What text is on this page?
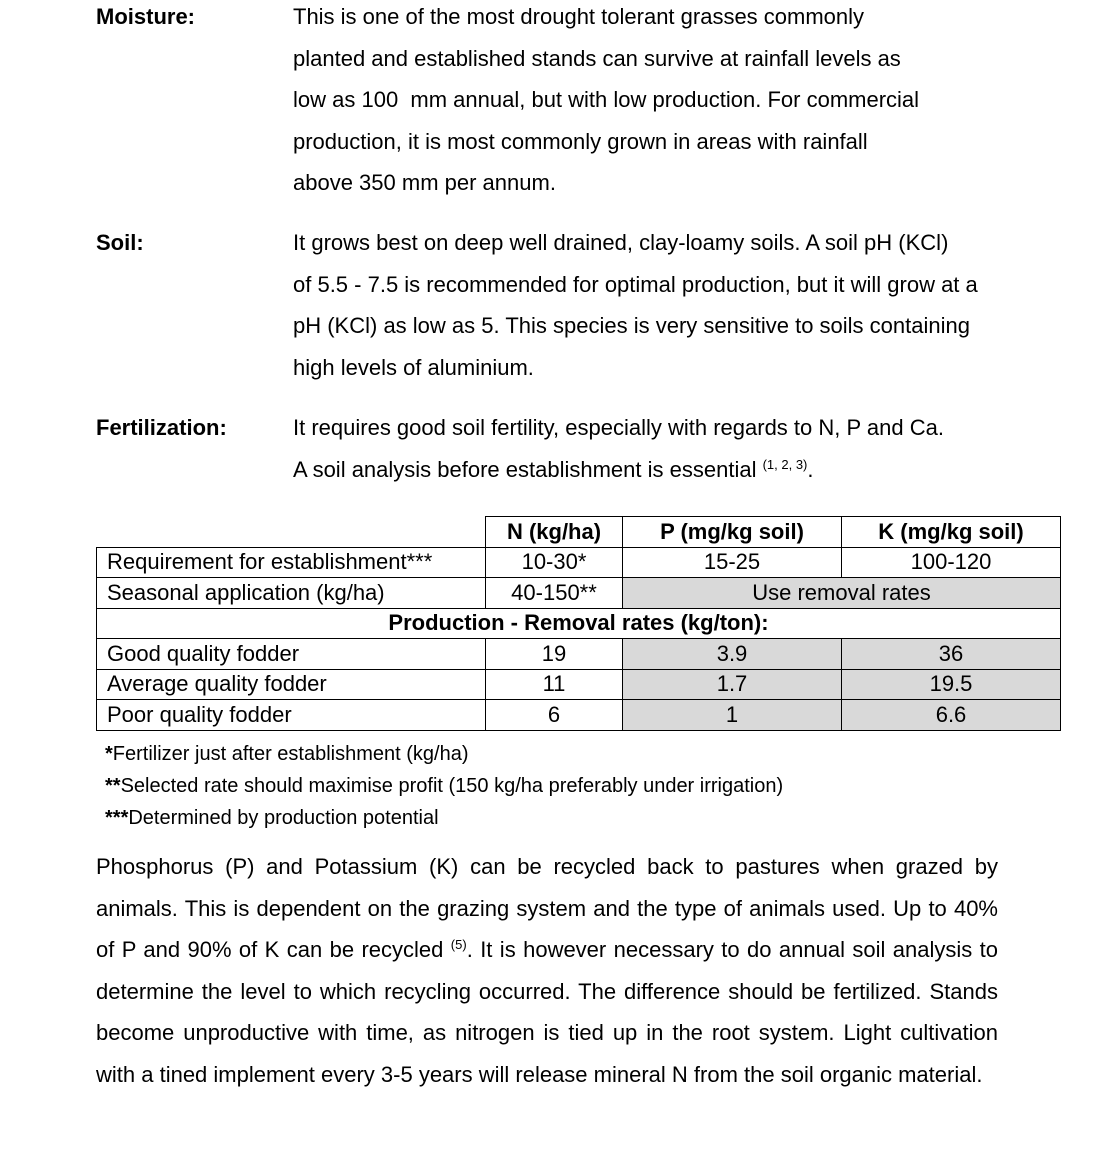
Moisture:	This is one of the most drought tolerant grasses commonly
planted and established stands can survive at rainfall levels as
low as 100  mm annual, but with low production. For commercial
production, it is most commonly grown in areas with rainfall
above 350 mm per annum.
Soil:	It grows best on deep well drained, clay-loamy soils. A soil pH (KCl)
of 5.5 - 7.5 is recommended for optimal production, but it will grow at a
pH (KCl) as low as 5. This species is very sensitive to soils containing
high levels of aluminium.
Fertilization:	It requires good soil fertility, especially with regards to N, P and Ca.
A soil analysis before establishment is essential $^{(1, 2, 3)}$.
	N (kg/ha)	P (mg/kg soil)	K (mg/kg soil)
Requirement for establishment***	10-30*	15-25	100-120
Seasonal application (kg/ha)	40-150**	Use removal rates	
Production - Removal rates (kg/ton):			
Good quality fodder	19	3.9	36
Average quality fodder	11	1.7	19.5
Poor quality fodder	6	1	6.6
*Fertilizer just after establishment (kg/ha)
**Selected rate should maximise profit (150 kg/ha preferably under irrigation)
***Determined by production potential
Phosphorus (P) and Potassium (K) can be recycled back to pastures when grazed by animals. This is dependent on the grazing system and the type of animals used. Up to 40% of P and 90% of K can be recycled $^{(5)}$. It is however necessary to do annual soil analysis to determine the level to which recycling occurred. The difference should be fertilized. Stands become unproductive with time, as nitrogen is tied up in the root system. Light cultivation with a tined implement every 3-5 years will release mineral N from the soil organic material.
